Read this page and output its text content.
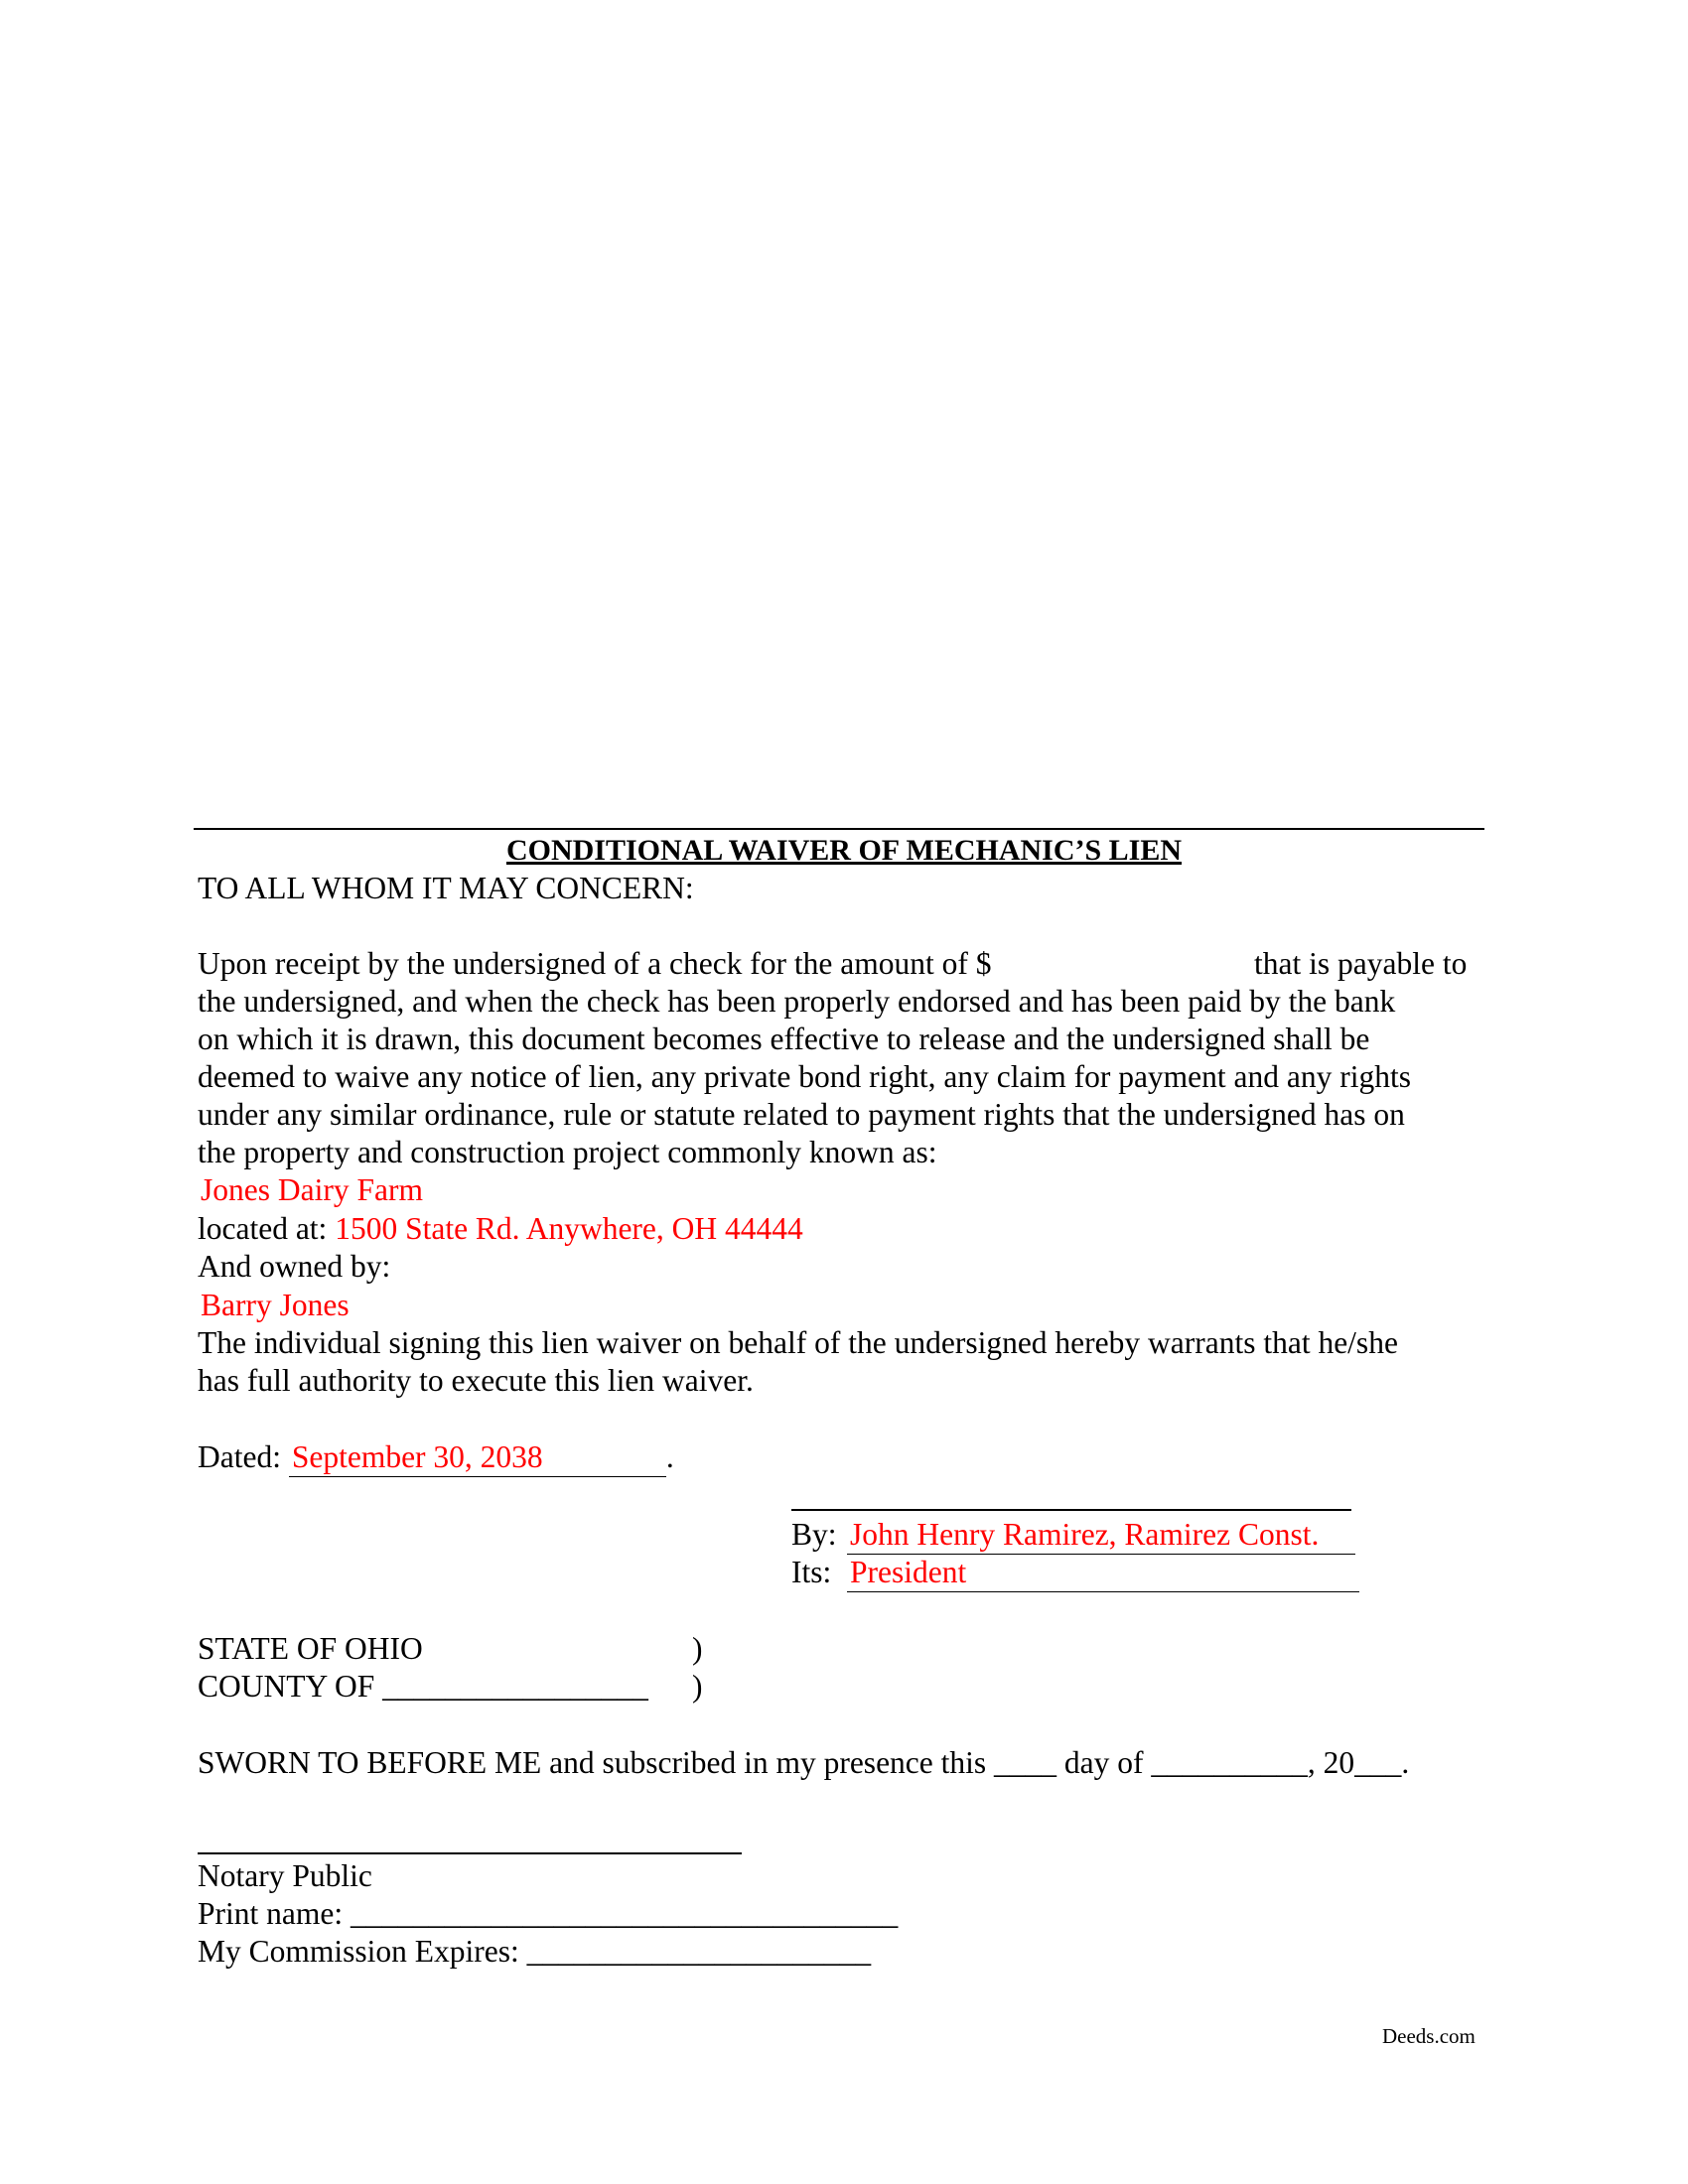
CONDITIONAL WAIVER OF MECHANIC’S LIEN
TO ALL WHOM IT MAY CONCERN:
Upon receipt by the undersigned of a check for the amount of $	that is payable to
the undersigned, and when the check has been properly endorsed and has been paid by the bank
on which it is drawn, this document becomes effective to release and the undersigned shall be
deemed to waive any notice of lien, any private bond right, any claim for payment and any rights
under any similar ordinance, rule or statute related to payment rights that the undersigned has on
the property and construction project commonly known as:
Jones Dairy Farm
located at: 1500 State Rd. Anywhere, OH 44444
And owned by:
Barry Jones
The individual signing this lien waiver on behalf of the undersigned hereby warrants that he/she
has full authority to execute this lien waiver.
Dated: September 30, 2038	.
By: John Henry Ramirez, Ramirez Const.
Its: President
STATE OF OHIO	)
COUNTY OF _________________ )
SWORN TO BEFORE ME and subscribed in my presence this ____ day of __________, 20___.
Notary Public
Print name: ___________________________________
My Commission Expires: ______________________
Deeds.com
